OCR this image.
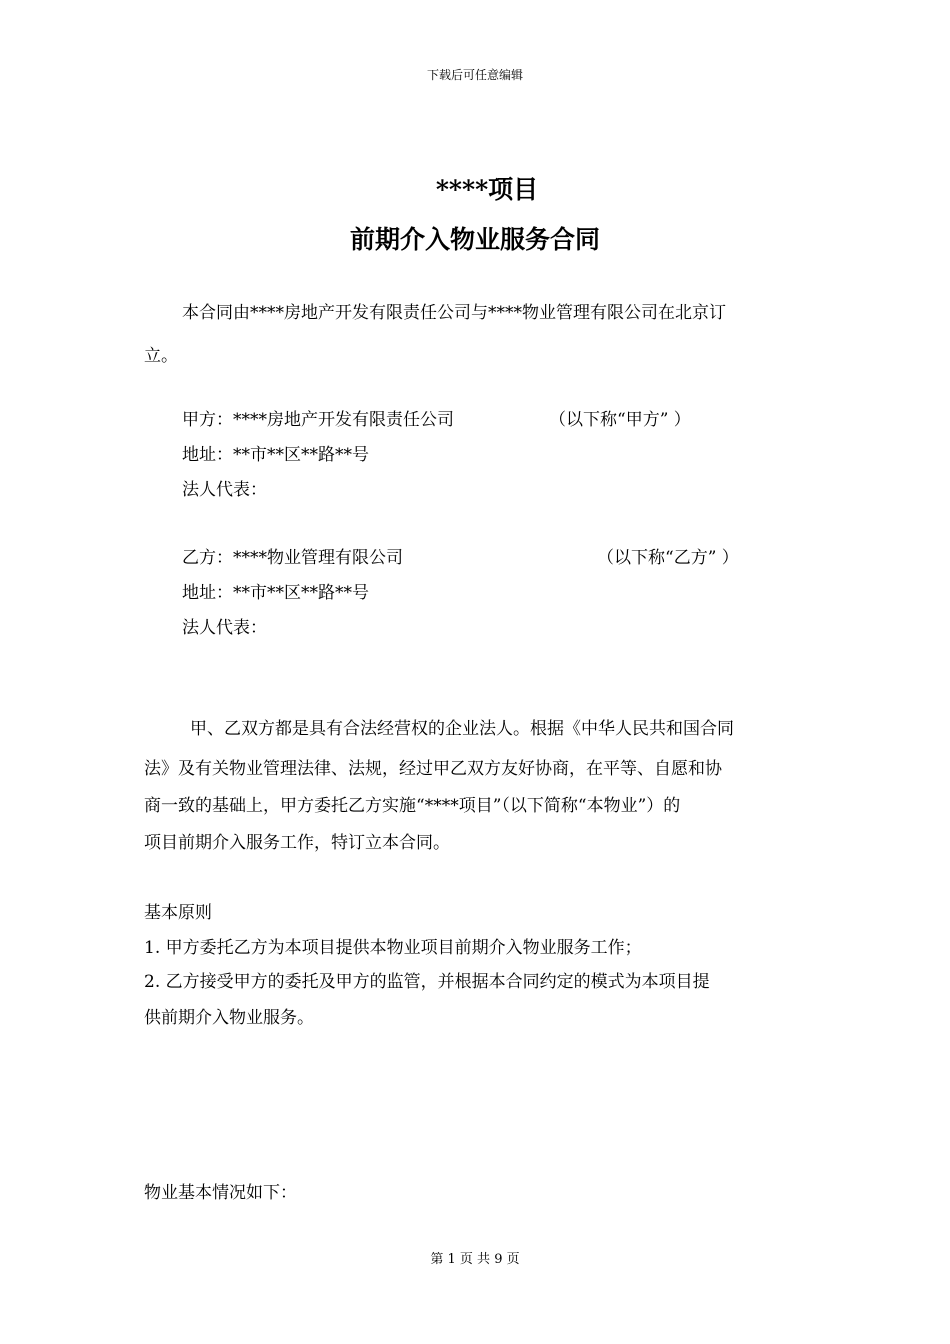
下载后可任意编辑
****项目
前期介入物业服务合同
本合同由****房地产开发有限责任公司与****物业管理有限公司在北京订
立。
甲方：****房地产开发有限责任公司	（以下称“甲方” ）
地址：**市**区**路**号
法人代表：
乙方：****物业管理有限公司	（以下称“乙方” ）
地址：**市**区**路**号
法人代表：
甲、乙双方都是具有合法经营权的企业法人。根据《中华人民共和国合同
法》及有关物业管理法律、法规，经过甲乙双方友好协商，在平等、自愿和协
商一致的基础上，甲方委托乙方实施“****项目”（以下简称“本物业”）的
项目前期介入服务工作，特订立本合同。
基本原则
1. 甲方委托乙方为本项目提供本物业项目前期介入物业服务工作；
2. 乙方接受甲方的委托及甲方的监管，并根据本合同约定的模式为本项目提
供前期介入物业服务。
物业基本情况如下：
第 1 页 共 9 页
